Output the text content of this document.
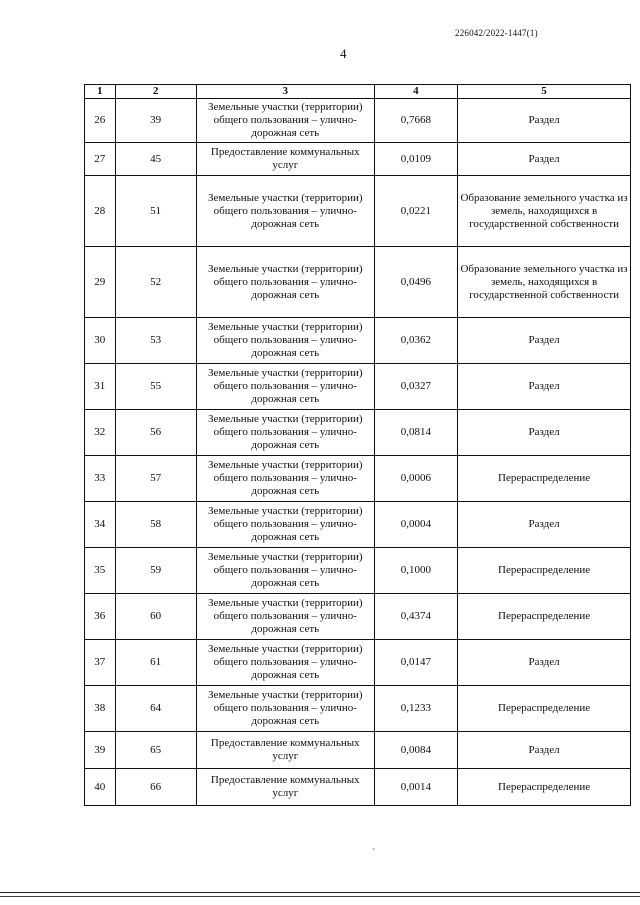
226042/2022-1447(1)
4
1	2	3	4	5
26	39	Земельные участки (территории) общего пользования – улично-дорожная сеть	0,7668	Раздел
27	45	Предоставление коммунальных услуг	0,0109	Раздел
28	51	Земельные участки (территории) общего пользования – улично-дорожная сеть	0,0221	Образование земельного участка из земель, находящихся в государственной собственности
29	52	Земельные участки (территории) общего пользования – улично-дорожная сеть	0,0496	Образование земельного участка из земель, находящихся в государственной собственности
30	53	Земельные участки (территории) общего пользования – улично-дорожная сеть	0,0362	Раздел
31	55	Земельные участки (территории) общего пользования – улично-дорожная сеть	0,0327	Раздел
32	56	Земельные участки (территории) общего пользования – улично-дорожная сеть	0,0814	Раздел
33	57	Земельные участки (территории) общего пользования – улично-дорожная сеть	0,0006	Перераспределение
34	58	Земельные участки (территории) общего пользования – улично-дорожная сеть	0,0004	Раздел
35	59	Земельные участки (территории) общего пользования – улично-дорожная сеть	0,1000	Перераспределение
36	60	Земельные участки (территории) общего пользования – улично-дорожная сеть	0,4374	Перераспределение
37	61	Земельные участки (территории) общего пользования – улично-дорожная сеть	0,0147	Раздел
38	64	Земельные участки (территории) общего пользования – улично-дорожная сеть	0,1233	Перераспределение
39	65	Предоставление коммунальных услуг	0,0084	Раздел
40	66	Предоставление коммунальных услуг	0,0014	Перераспределение
`
